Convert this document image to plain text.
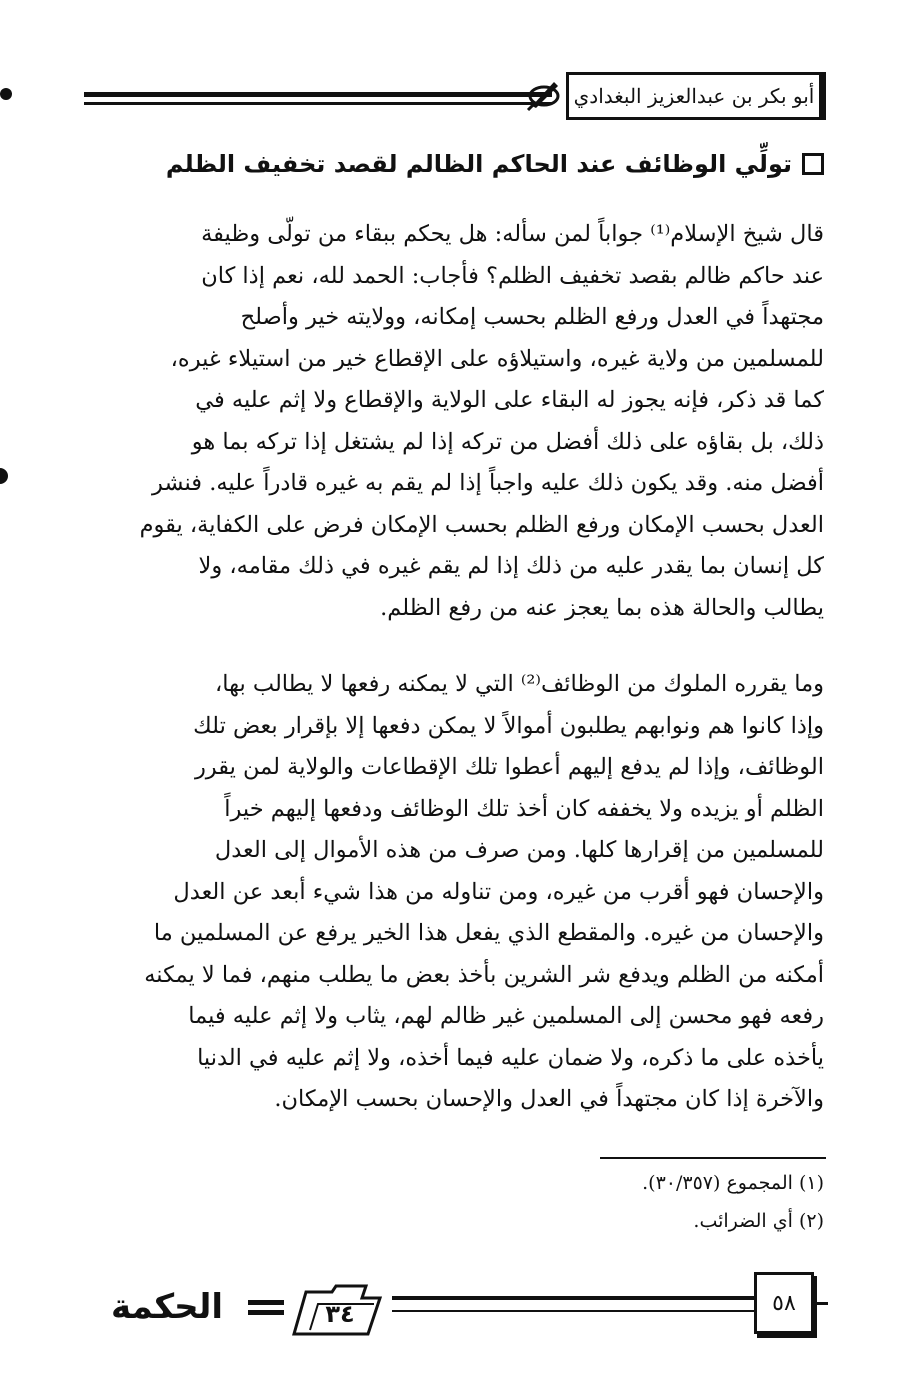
أبو بكر بن عبدالعزيز البغدادي
تولِّي الوظائف عند الحاكم الظالم لقصد تخفيف الظلم
قال شيخ الإسلام⁽¹⁾ جواباً لمن سأله: هل يحكم ببقاء من تولّى وظيفة
عند حاكم ظالم بقصد تخفيف الظلم؟ فأجاب: الحمد لله، نعم إذا كان
مجتهداً في العدل ورفع الظلم بحسب إمكانه، وولايته خير وأصلح
للمسلمين من ولاية غيره، واستيلاؤه على الإقطاع خير من استيلاء غيره،
كما قد ذكر، فإنه يجوز له البقاء على الولاية والإقطاع ولا إثم عليه في
ذلك، بل بقاؤه على ذلك أفضل من تركه إذا لم يشتغل إذا تركه بما هو
أفضل منه. وقد يكون ذلك عليه واجباً إذا لم يقم به غيره قادراً عليه. فنشر
العدل بحسب الإمكان ورفع الظلم بحسب الإمكان فرض على الكفاية، يقوم
كل إنسان بما يقدر عليه من ذلك إذا لم يقم غيره في ذلك مقامه، ولا
يطالب والحالة هذه بما يعجز عنه من رفع الظلم.
وما يقرره الملوك من الوظائف⁽²⁾ التي لا يمكنه رفعها لا يطالب بها،
وإذا كانوا هم ونوابهم يطلبون أموالاً لا يمكن دفعها إلا بإقرار بعض تلك
الوظائف، وإذا لم يدفع إليهم أعطوا تلك الإقطاعات والولاية لمن يقرر
الظلم أو يزيده ولا يخففه كان أخذ تلك الوظائف ودفعها إليهم خيراً
للمسلمين من إقرارها كلها. ومن صرف من هذه الأموال إلى العدل
والإحسان فهو أقرب من غيره، ومن تناوله من هذا شيء أبعد عن العدل
والإحسان من غيره. والمقطع الذي يفعل هذا الخير يرفع عن المسلمين ما
أمكنه من الظلم ويدفع شر الشرين بأخذ بعض ما يطلب منهم، فما لا يمكنه
رفعه فهو محسن إلى المسلمين غير ظالم لهم، يثاب ولا إثم عليه فيما
يأخذه على ما ذكره، ولا ضمان عليه فيما أخذه، ولا إثم عليه في الدنيا
والآخرة إذا كان مجتهداً في العدل والإحسان بحسب الإمكان.
(١) المجموع (٣٠/٣٥٧).
(٢) أي الضرائب.
الحكمة	٣٤	٥٨
